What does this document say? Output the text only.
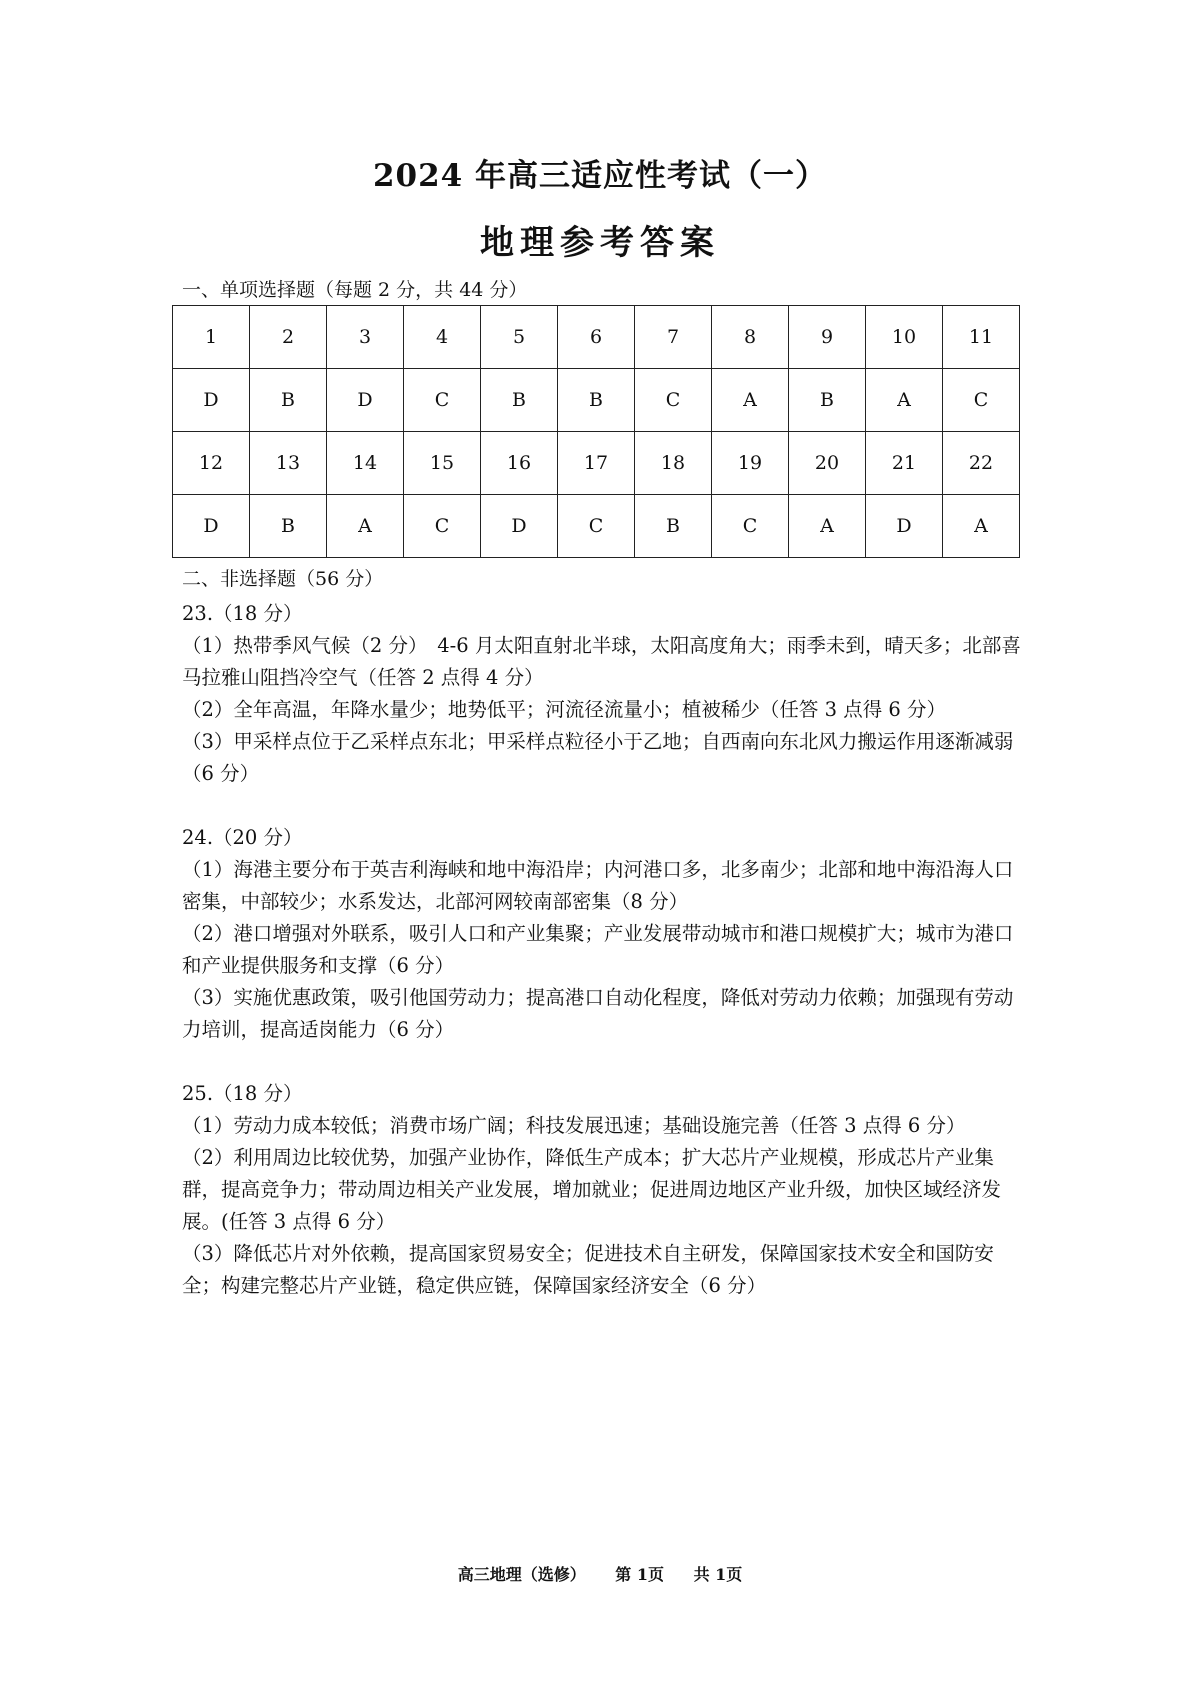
2024 年高三适应性考试（一）
地理参考答案
一、单项选择题（每题 2 分，共 44 分）
1	2	3	4	5	6	7	8	9	10	11
D	B	D	C	B	B	C	A	B	A	C
12	13	14	15	16	17	18	19	20	21	22
D	B	A	C	D	C	B	C	A	D	A
二、非选择题（56 分）
23.（18 分）
（1）热带季风气候（2 分）　4-6 月太阳直射北半球，太阳高度角大；雨季未到，晴天多；北部喜马拉雅山阻挡冷空气（任答 2 点得 4 分）
（2）全年高温，年降水量少；地势低平；河流径流量小；植被稀少（任答 3 点得 6 分）
（3）甲采样点位于乙采样点东北；甲采样点粒径小于乙地；自西南向东北风力搬运作用逐渐减弱（6 分）
24.（20 分）
（1）海港主要分布于英吉利海峡和地中海沿岸；内河港口多，北多南少；北部和地中海沿海人口密集，中部较少；水系发达，北部河网较南部密集（8 分）
（2）港口增强对外联系，吸引人口和产业集聚；产业发展带动城市和港口规模扩大；城市为港口和产业提供服务和支撑（6 分）
（3）实施优惠政策，吸引他国劳动力；提高港口自动化程度，降低对劳动力依赖；加强现有劳动力培训，提高适岗能力（6 分）
25.（18 分）
（1）劳动力成本较低；消费市场广阔；科技发展迅速；基础设施完善（任答 3 点得 6 分）
（2）利用周边比较优势，加强产业协作，降低生产成本；扩大芯片产业规模，形成芯片产业集群，提高竞争力；带动周边相关产业发展，增加就业；促进周边地区产业升级，加快区域经济发展。(任答 3 点得 6 分）
（3）降低芯片对外依赖，提高国家贸易安全；促进技术自主研发，保障国家技术安全和国防安全；构建完整芯片产业链，稳定供应链，保障国家经济安全（6 分）
高三地理（选修） 第 1页 共 1页
